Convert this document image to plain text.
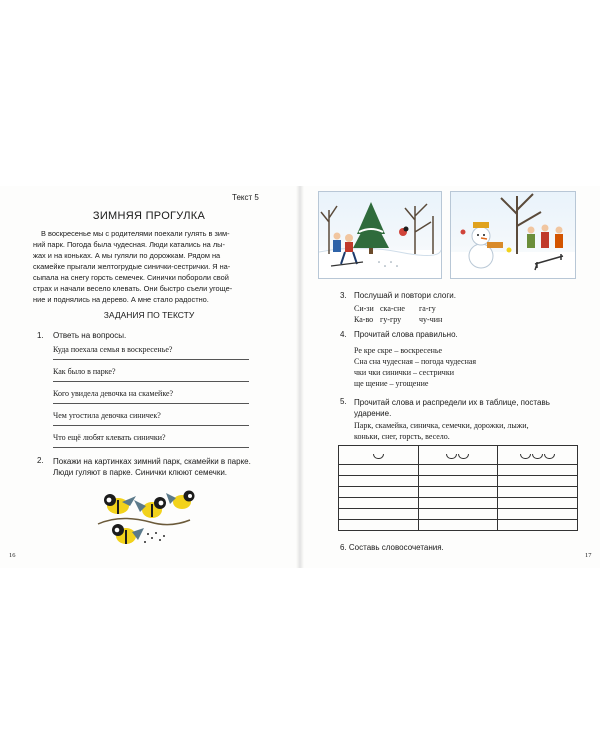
Текст 5
ЗИМНЯЯ ПРОГУЛКА

В воскресенье мы с родителями поехали гулять в зим-

ний парк. Погода была чудесная. Люди катались на лы-

жах и на коньках. А мы гуляли по дорожкам. Рядом на

скамейке прыгали желтогрудые синички-сестрички. Я на-

сыпала на снегу горсть семечек. Синички поборoли свой

страх и начали весело клевать. Они быстро съели угоще-

ние и поднялись на дерево. А мне стало радостно.

ЗАДАНИЯ ПО ТЕКСТУ
1. Ответь на вопросы.
Куда поехала семья в воскресенье?
Как было в парке?
Кого увидела девочка на скамейке?
Чем угостила девочка синичек?
Что ещё любят клевать синички?
2. Покажи на картинках зимний парк, скамейки в парке.
Люди гуляют в парке. Синички клюют семечки.
16
3. Послушай и повтори слоги.
Си-зи ска-сне га-гу
Ка-во гу-гру чу-чин
4. Прочитай слова правильно.
Ре кре скре – воскресенье
Сна сна чудесная – погода чудесная
чки чки синички – сестрички
ще щение – угощение
5. Прочитай слова и распредели их в таблице, поставь
ударение.
Парк, скамейка, синичка, семечки, дорожки, лыжи,
коньки, снег, горсть, весело.

6. Составь словосочетания.
17
